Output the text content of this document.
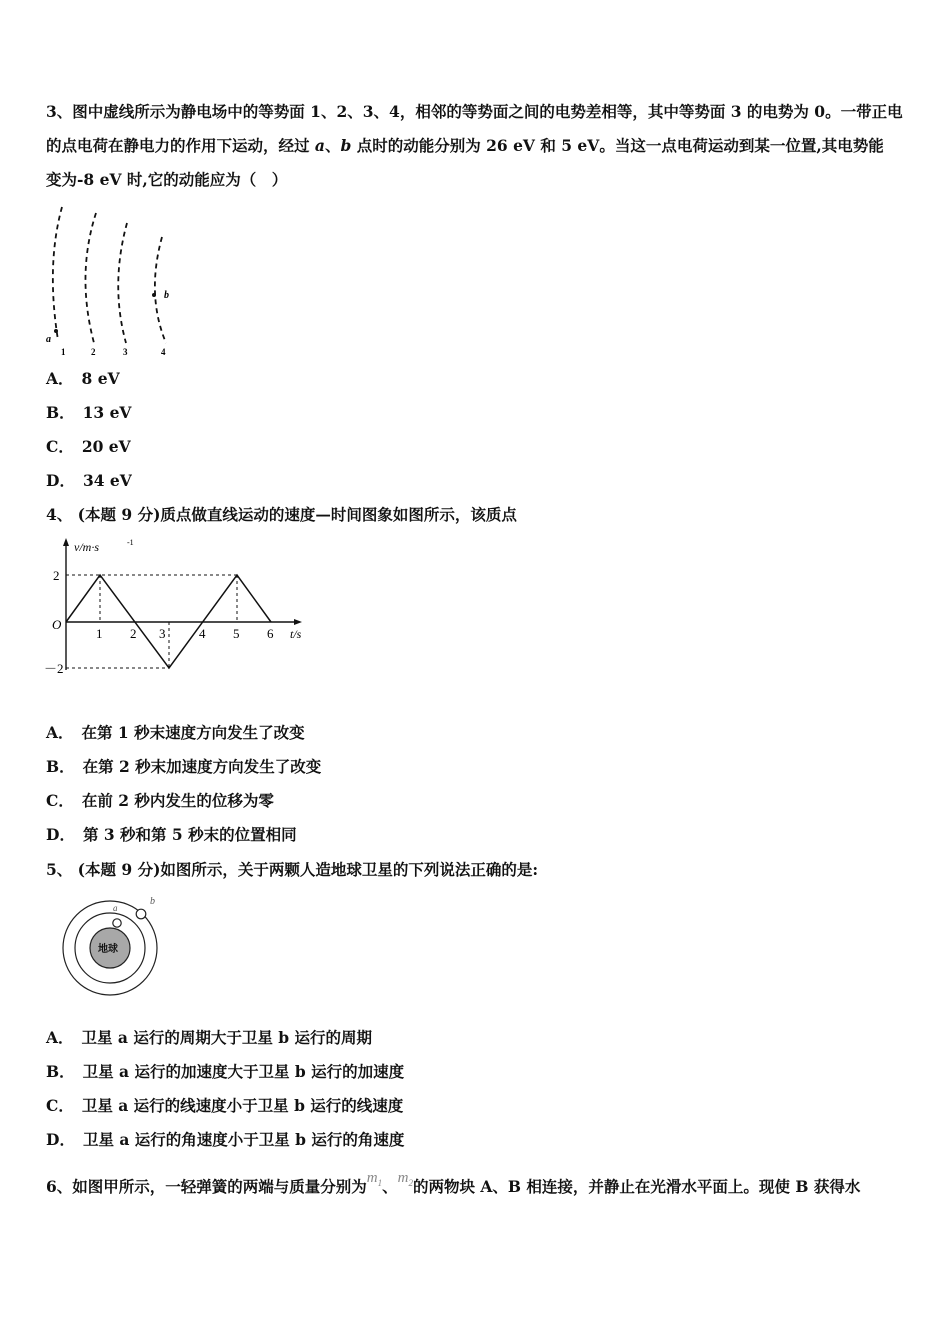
3、图中虚线所示为静电场中的等势面 1、2、3、4，相邻的等势面之间的电势差相等，其中等势面 3 的电势为 0。一带正电
的点电荷在静电力的作用下运动，经过 a、b 点时的动能分别为 26 eV 和 5 eV。当这一点电荷运动到某一位置,其电势能
变为-8 eV 时,它的动能应为（　）
a
b
1	2	3	4
A． 8 eV
B． 13 eV
C． 20 eV
D． 34 eV
4、 (本题 9 分)质点做直线运动的速度—时间图象如图所示，该质点
v/m·s	-1
O
2
－2
1 2 3	4 5 6 t/s
A． 在第 1 秒末速度方向发生了改变
B． 在第 2 秒末加速度方向发生了改变
C． 在前 2 秒内发生的位移为零
D． 第 3 秒和第 5 秒末的位置相同
5、 (本题 9 分)如图所示，关于两颗人造地球卫星的下列说法正确的是:
地球
a
b
A． 卫星 a 运行的周期大于卫星 b 运行的周期
B． 卫星 a 运行的加速度大于卫星 b 运行的加速度
C． 卫星 a 运行的线速度小于卫星 b 运行的线速度
D． 卫星 a 运行的角速度小于卫星 b 运行的角速度
6、如图甲所示，一轻弹簧的两端与质量分别为$m_1$、$m_2$的两物块 A、B 相连接，并静止在光滑水平面上。现使 B 获得水
